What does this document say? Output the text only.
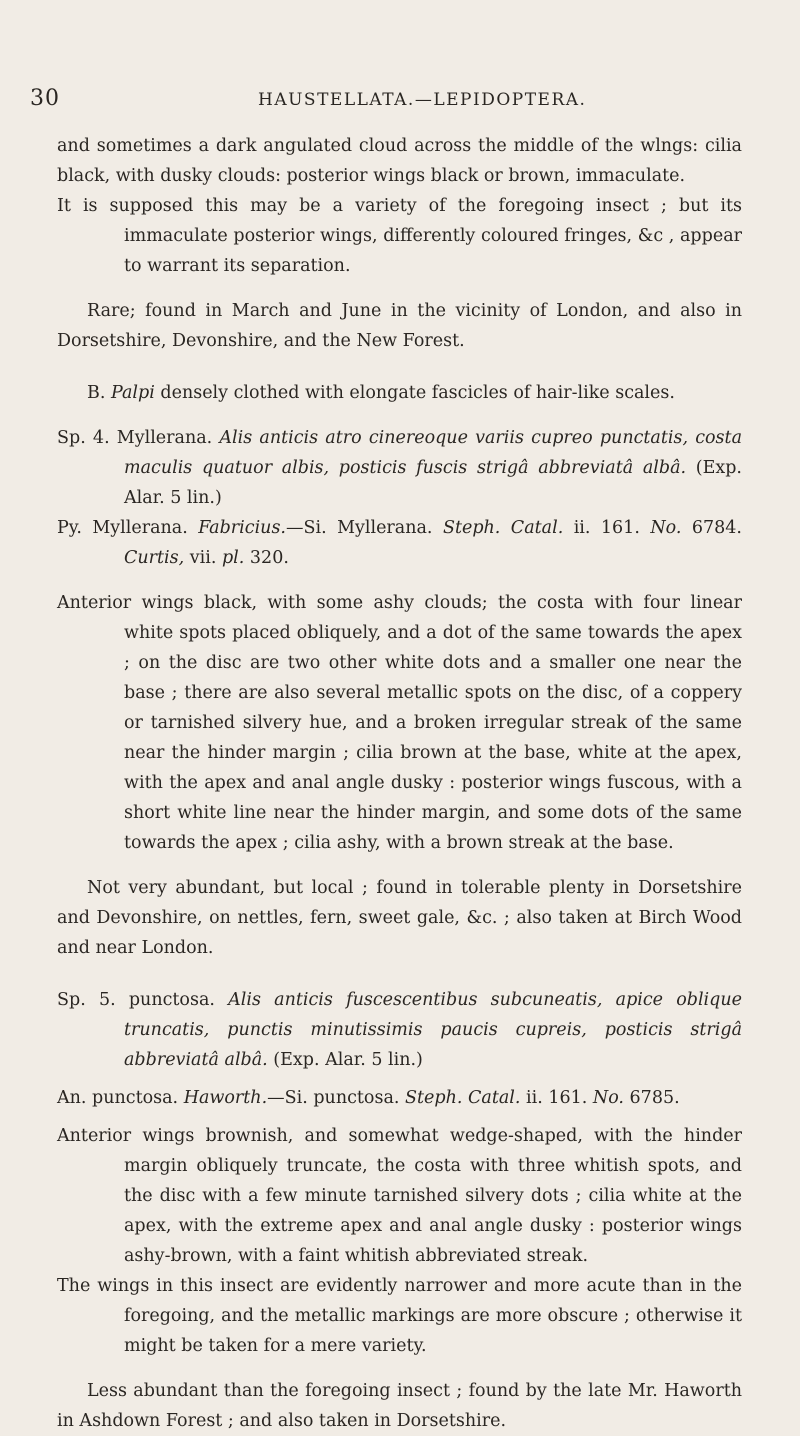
30	HAUSTELLATA.—LEPIDOPTERA.

and sometimes a dark angulated cloud across the middle of the wlngs: cilia black, with dusky clouds: posterior wings black or brown, immaculate.

It is supposed this may be a variety of the foregoing insect ; but its immaculate posterior wings, differently coloured fringes, &c , appear to warrant its separation.

Rare; found in March and June in the vicinity of London, and also in Dorsetshire, Devonshire, and the New Forest.

B. Palpi densely clothed with elongate fascicles of hair-like scales.

Sp. 4. Myllerana. Alis anticis atro cinereoque variis cupreo punctatis, costa maculis quatuor albis, posticis fuscis strigâ abbreviatâ albâ. (Exp. Alar. 5 lin.)

Py. Myllerana. Fabricius.—Si. Myllerana. Steph. Catal. ii. 161. No. 6784. Curtis, vii. pl. 320.

Anterior wings black, with some ashy clouds; the costa with four linear white spots placed obliquely, and a dot of the same towards the apex ; on the disc are two other white dots and a smaller one near the base ; there are also several metallic spots on the disc, of a coppery or tarnished silvery hue, and a broken irregular streak of the same near the hinder margin ; cilia brown at the base, white at the apex, with the apex and anal angle dusky : posterior wings fuscous, with a short white line near the hinder margin, and some dots of the same towards the apex ; cilia ashy, with a brown streak at the base.

Not very abundant, but local ; found in tolerable plenty in Dorsetshire and Devonshire, on nettles, fern, sweet gale, &c. ; also taken at Birch Wood and near London.

Sp. 5. punctosa. Alis anticis fuscescentibus subcuneatis, apice oblique truncatis, punctis minutissimis paucis cupreis, posticis strigâ abbreviatâ albâ. (Exp. Alar. 5 lin.)

An. punctosa. Haworth.—Si. punctosa. Steph. Catal. ii. 161. No. 6785.

Anterior wings brownish, and somewhat wedge-shaped, with the hinder margin obliquely truncate, the costa with three whitish spots, and the disc with a few minute tarnished silvery dots ; cilia white at the apex, with the extreme apex and anal angle dusky : posterior wings ashy-brown, with a faint whitish abbreviated streak.

The wings in this insect are evidently narrower and more acute than in the foregoing, and the metallic markings are more obscure ; otherwise it might be taken for a mere variety.

Less abundant than the foregoing insect ; found by the late Mr. Haworth in Ashdown Forest ; and also taken in Dorsetshire.
